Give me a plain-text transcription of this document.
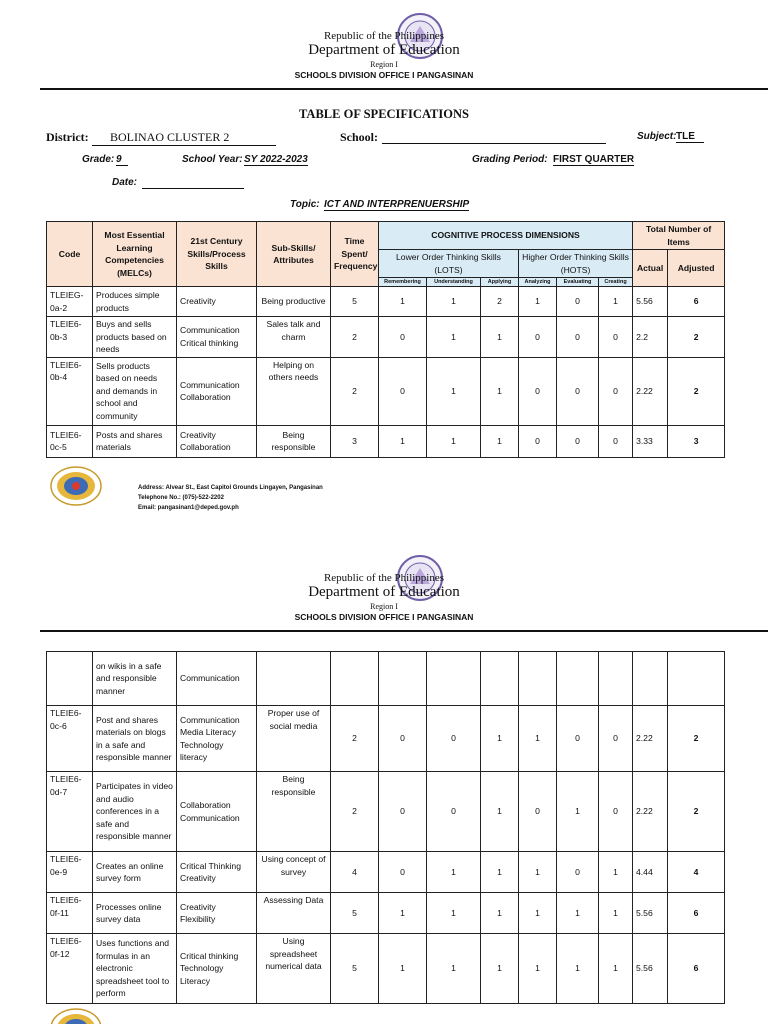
Republic of the Philippines
Department of Education
Region I
SCHOOLS DIVISION OFFICE I PANGASINAN
TABLE OF SPECIFICATIONS
District:	BOLINAO CLUSTER 2	School:	Subject: TLE
Grade: 9	School Year: SY 2022-2023	Grading Period: FIRST QUARTER
Date:
Topic: ICT AND INTERPRENUERSHIP
Code	Most Essential Learning Competencies (MELCs)	21st Century Skills/Process Skills	Sub-Skills/ Attributes	Time Spent/ Frequency	COGNITIVE PROCESS DIMENSIONS						Total Number of Items	
					Lower Order Thinking Skills (LOTS)			Higher Order Thinking Skills (HOTS)			Actual	Adjusted
					Remembering	Understanding	Applying	Analyzing	Evaluating	Creating		
TLEIEG-0a-2	Produces simple products	Creativity	Being productive	5	1	1	2	1	0	1	5.56	6
TLEIE6-0b-3	Buys and sells products based on needs	Communication Critical thinking	Sales talk and charm	2	0	1	1	0	0	0	2.2	2
TLEIE6-0b-4	Sells products based on needs and demands in school and community	Communication Collaboration	Helping on others needs	2	0	1	1	0	0	0	2.22	2
TLEIE6-0c-5	Posts and shares materials	Creativity Collaboration	Being responsible	3	1	1	1	0	0	0	3.33	3
Address: Alvear St., East Capitol Grounds Lingayen, Pangasinan
Telephone No.: (075)-522-2202
Email: pangasinan1@deped.gov.ph
Republic of the Philippines
Department of Education
Region I
SCHOOLS DIVISION OFFICE I PANGASINAN
	on wikis in a safe and responsible manner	Communication										
TLEIE6-0c-6	Post and shares materials on blogs in a safe and responsible manner	Communication Media Literacy Technology literacy	Proper use of social media	2	0	0	1	1	0	0	2.22	2
TLEIE6-0d-7	Participates in video and audio conferences in a safe and responsible manner	Collaboration Communication	Being responsible	2	0	0	1	0	1	0	2.22	2
TLEIE6-0e-9	Creates an online survey form	Critical Thinking Creativity	Using concept of survey	4	0	1	1	1	0	1	4.44	4
TLEIE6-0f-11	Processes online survey data	Creativity Flexibility	Assessing Data	5	1	1	1	1	1	1	5.56	6
TLEIE6-0f-12	Uses functions and formulas in an electronic spreadsheet tool to perform	Critical thinking Technology Literacy	Using spreadsheet numerical data	5	1	1	1	1	1	1	5.56	6
